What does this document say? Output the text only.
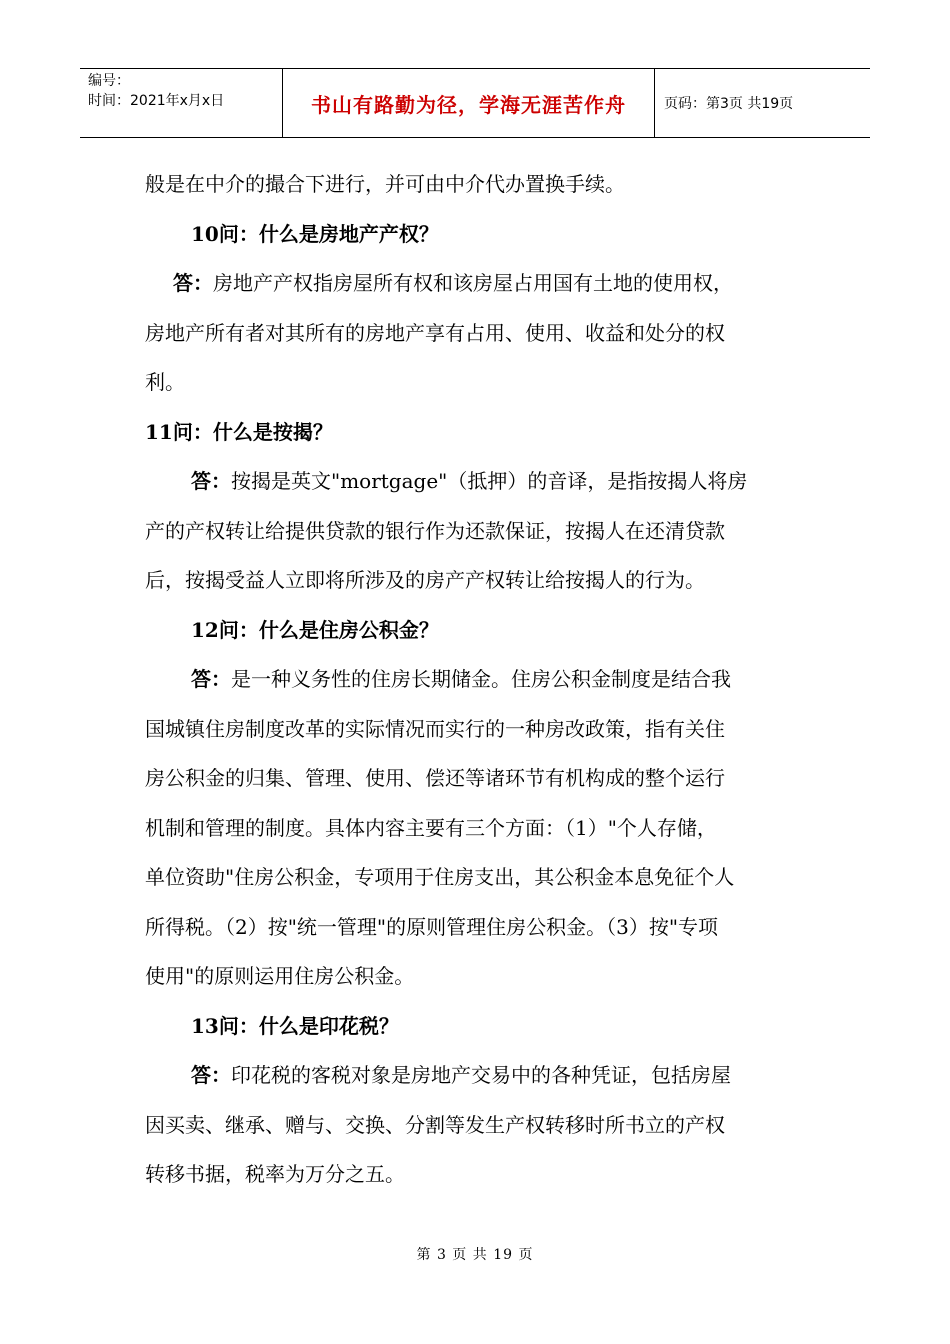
编号：
时间：2021年x月x日	书山有路勤为径，学海无涯苦作舟	页码：第3页 共19页

般是在中介的撮合下进行，并可由中介代办置换手续。

10问：什么是房地产产权？

答：房地产产权指房屋所有权和该房屋占用国有土地的使用权，

房地产所有者对其所有的房地产享有占用、使用、收益和处分的权

利。

11问：什么是按揭？

答：按揭是英文"mortgage"（抵押）的音译，是指按揭人将房

产的产权转让给提供贷款的银行作为还款保证，按揭人在还清贷款

后，按揭受益人立即将所涉及的房产产权转让给按揭人的行为。

12问：什么是住房公积金？

答：是一种义务性的住房长期储金。住房公积金制度是结合我

国城镇住房制度改革的实际情况而实行的一种房改政策，指有关住

房公积金的归集、管理、使用、偿还等诸环节有机构成的整个运行

机制和管理的制度。具体内容主要有三个方面：（1）"个人存储，

单位资助"住房公积金，专项用于住房支出，其公积金本息免征个人

所得税。（2）按"统一管理"的原则管理住房公积金。（3）按"专项

使用"的原则运用住房公积金。

13问：什么是印花税？

答：印花税的客税对象是房地产交易中的各种凭证，包括房屋

因买卖、继承、赠与、交换、分割等发生产权转移时所书立的产权

转移书据，税率为万分之五。

第 3 页 共 19 页
